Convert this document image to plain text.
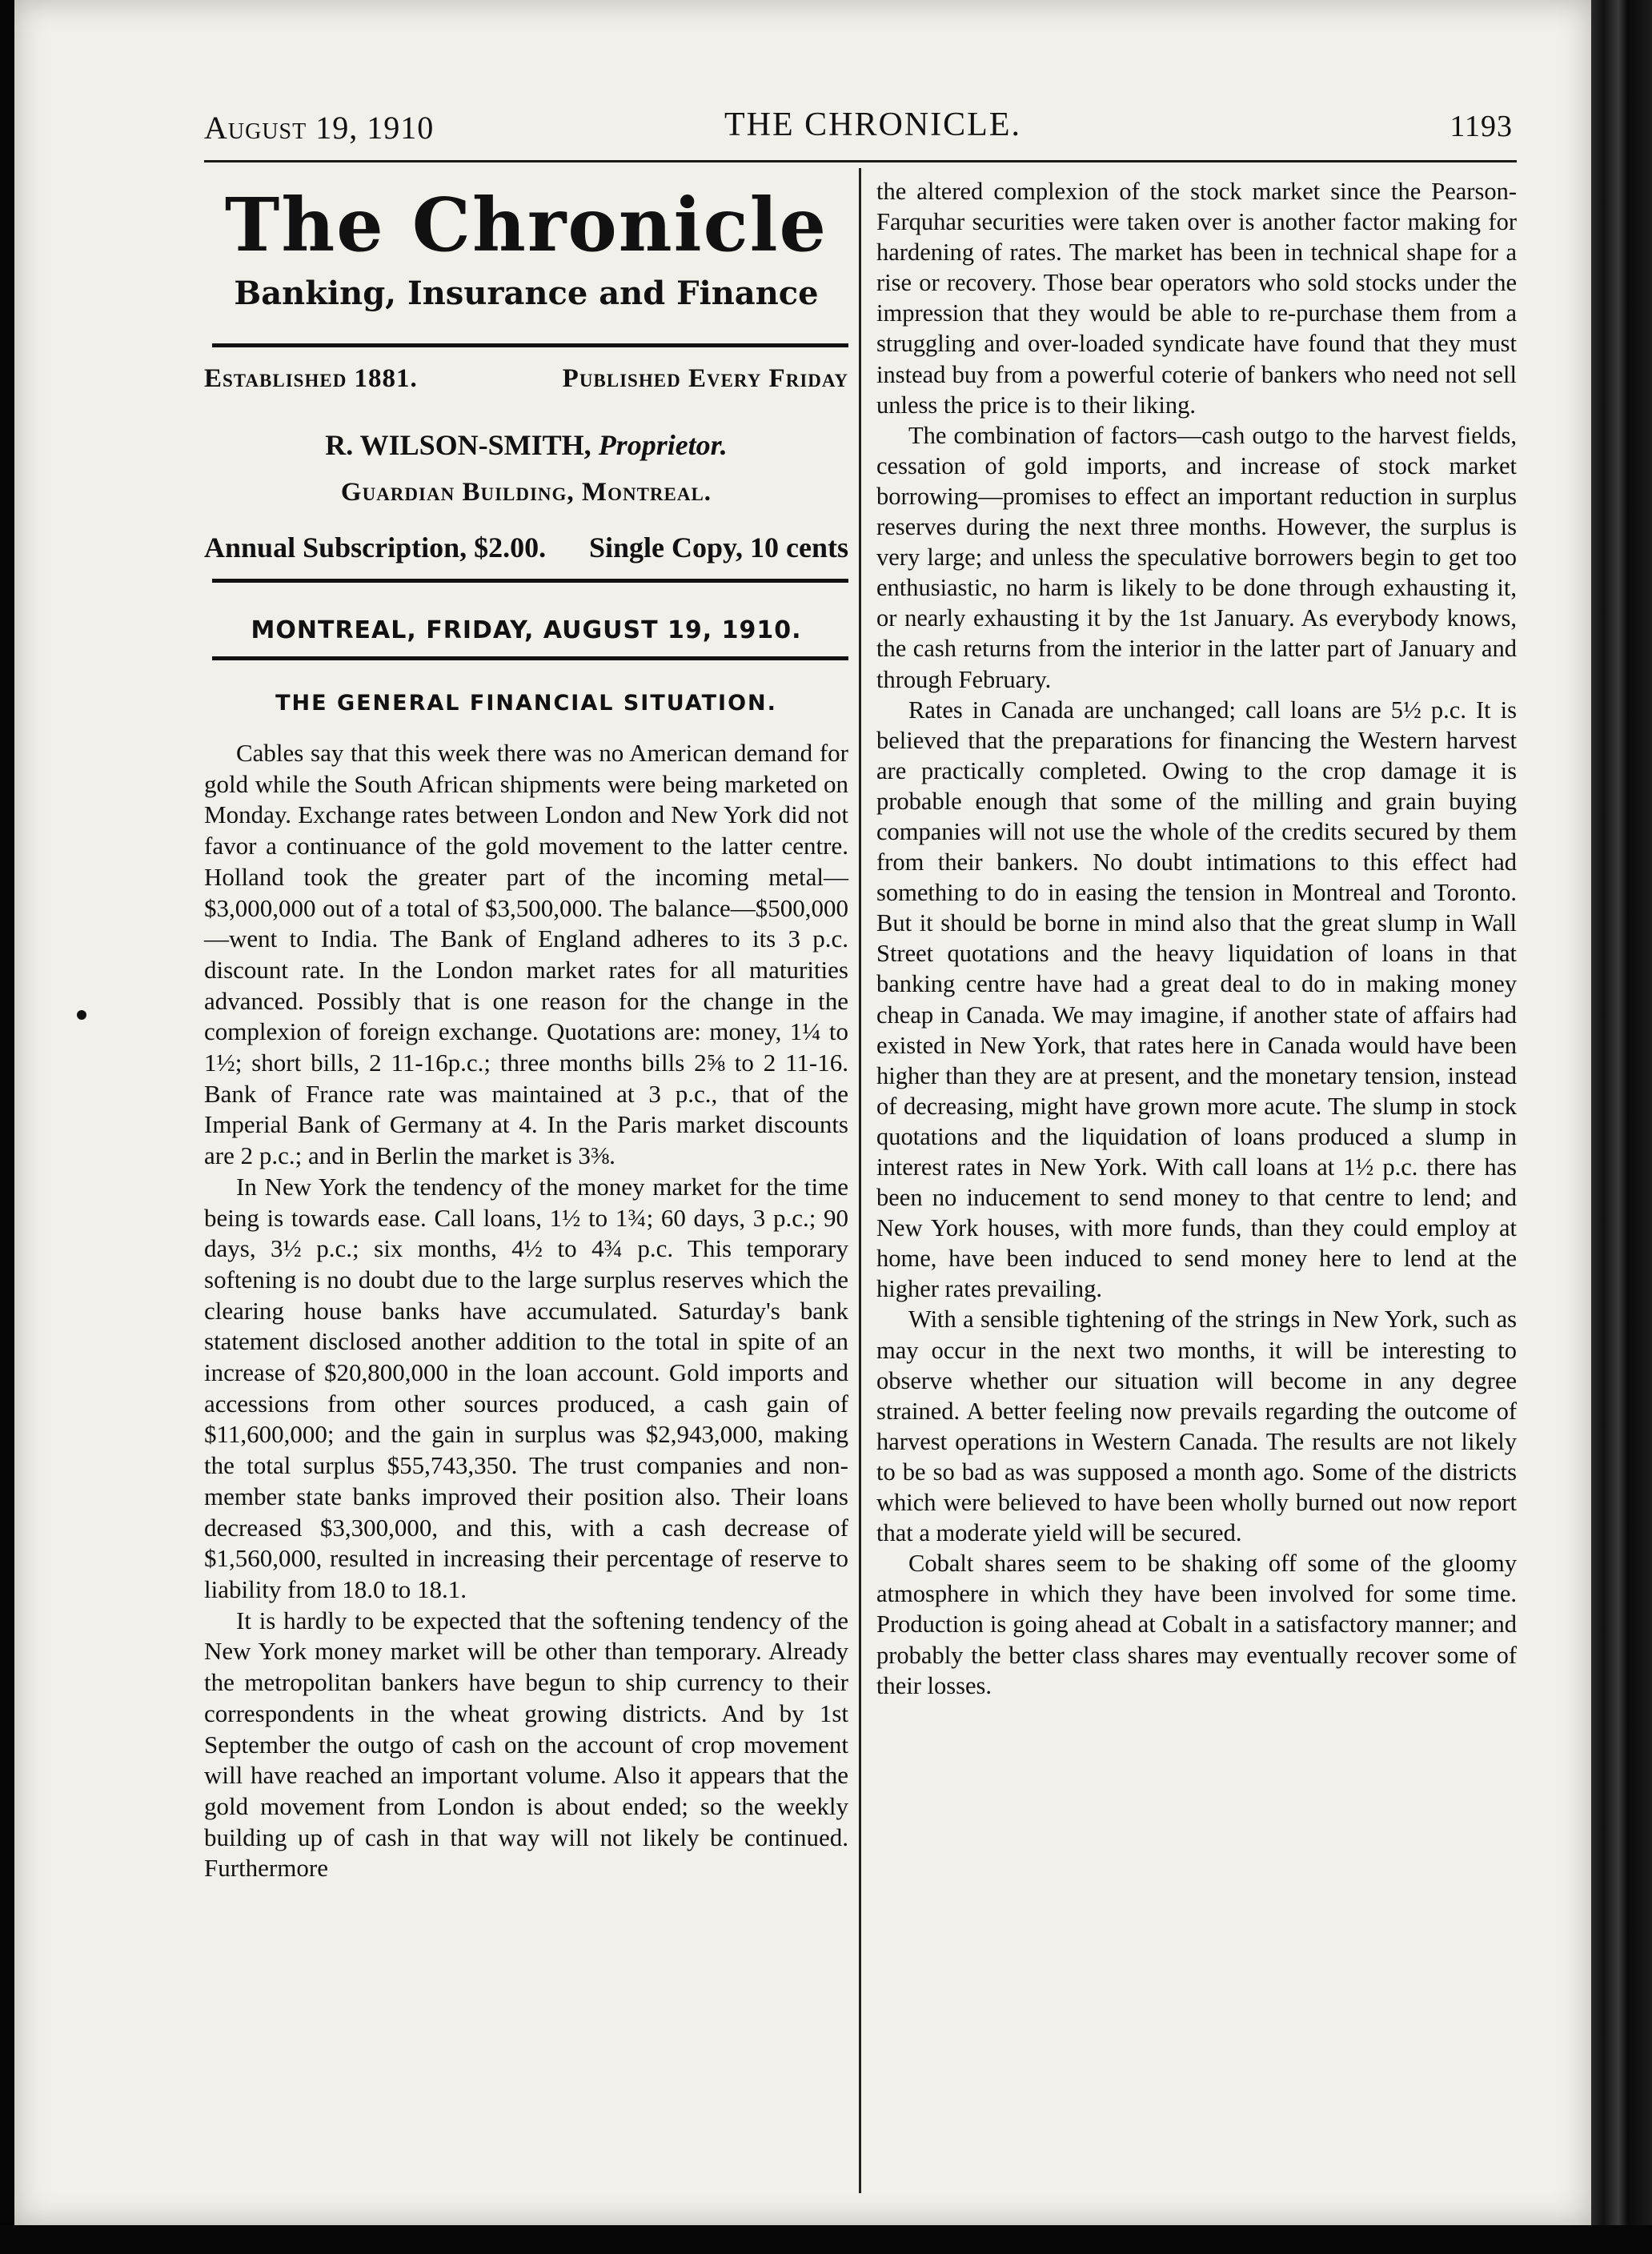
August 19, 1910	THE CHRONICLE.	1193
The Chronicle
Banking, Insurance and Finance
Established 1881.	Published Every Friday
R. WILSON-SMITH, Proprietor.
Guardian Building, Montreal.
Annual Subscription, $2.00. Single Copy, 10 cents
MONTREAL, FRIDAY, AUGUST 19, 1910.
THE GENERAL FINANCIAL SITUATION.

Cables say that this week there was no American demand for gold while the South African shipments were being marketed on Monday. Exchange rates between London and New York did not favor a continuance of the gold movement to the latter centre. Holland took the greater part of the incoming metal—$3,000,000 out of a total of $3,500,000. The balance—$500,000—went to India. The Bank of England adheres to its 3 p.c. discount rate. In the London market rates for all maturities advanced. Possibly that is one reason for the change in the complexion of foreign exchange. Quotations are: money, 1¼ to 1½; short bills, 2 11-16p.c.; three months bills 2⅝ to 2 11-16. Bank of France rate was maintained at 3 p.c., that of the Imperial Bank of Germany at 4. In the Paris market discounts are 2 p.c.; and in Berlin the market is 3⅜.

In New York the tendency of the money market for the time being is towards ease. Call loans, 1½ to 1¾; 60 days, 3 p.c.; 90 days, 3½ p.c.; six months, 4½ to 4¾ p.c. This temporary softening is no doubt due to the large surplus reserves which the clearing house banks have accumulated. Saturday's bank statement disclosed another addition to the total in spite of an increase of $20,800,000 in the loan account. Gold imports and accessions from other sources produced, a cash gain of $11,600,000; and the gain in surplus was $2,943,000, making the total surplus $55,743,350. The trust companies and non-member state banks improved their position also. Their loans decreased $3,300,000, and this, with a cash decrease of $1,560,000, resulted in increasing their percentage of reserve to liability from 18.0 to 18.1.

It is hardly to be expected that the softening tendency of the New York money market will be other than temporary. Already the metropolitan bankers have begun to ship currency to their correspondents in the wheat growing districts. And by 1st September the outgo of cash on the account of crop movement will have reached an important volume. Also it appears that the gold movement from London is about ended; so the weekly building up of cash in that way will not likely be continued. Furthermore

the altered complexion of the stock market since the Pearson-Farquhar securities were taken over is another factor making for hardening of rates. The market has been in technical shape for a rise or recovery. Those bear operators who sold stocks under the impression that they would be able to re-purchase them from a struggling and over-loaded syndicate have found that they must instead buy from a powerful coterie of bankers who need not sell unless the price is to their liking.

The combination of factors—cash outgo to the harvest fields, cessation of gold imports, and increase of stock market borrowing—promises to effect an important reduction in surplus reserves during the next three months. However, the surplus is very large; and unless the speculative borrowers begin to get too enthusiastic, no harm is likely to be done through exhausting it, or nearly exhausting it by the 1st January. As everybody knows, the cash returns from the interior in the latter part of January and through February.

Rates in Canada are unchanged; call loans are 5½ p.c. It is believed that the preparations for financing the Western harvest are practically completed. Owing to the crop damage it is probable enough that some of the milling and grain buying companies will not use the whole of the credits secured by them from their bankers. No doubt intimations to this effect had something to do in easing the tension in Montreal and Toronto. But it should be borne in mind also that the great slump in Wall Street quotations and the heavy liquidation of loans in that banking centre have had a great deal to do in making money cheap in Canada. We may imagine, if another state of affairs had existed in New York, that rates here in Canada would have been higher than they are at present, and the monetary tension, instead of decreasing, might have grown more acute. The slump in stock quotations and the liquidation of loans produced a slump in interest rates in New York. With call loans at 1½ p.c. there has been no inducement to send money to that centre to lend; and New York houses, with more funds, than they could employ at home, have been induced to send money here to lend at the higher rates prevailing.

With a sensible tightening of the strings in New York, such as may occur in the next two months, it will be interesting to observe whether our situation will become in any degree strained. A better feeling now prevails regarding the outcome of harvest operations in Western Canada. The results are not likely to be so bad as was supposed a month ago. Some of the districts which were believed to have been wholly burned out now report that a moderate yield will be secured.

Cobalt shares seem to be shaking off some of the gloomy atmosphere in which they have been involved for some time. Production is going ahead at Cobalt in a satisfactory manner; and probably the better class shares may eventually recover some of their losses.
